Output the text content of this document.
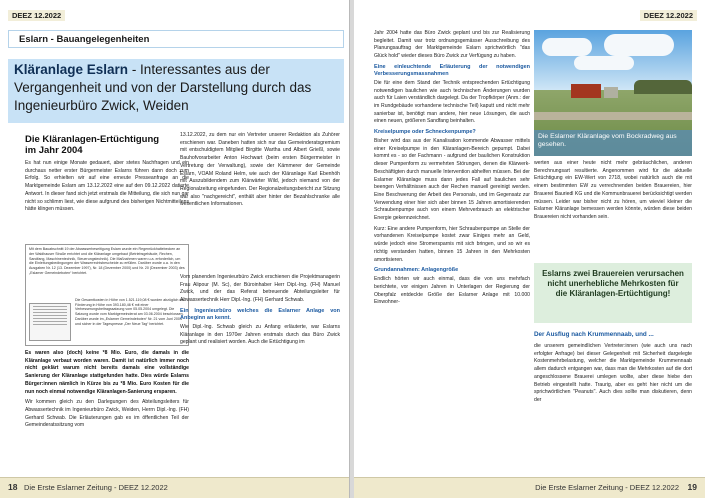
DEEZ 12.2022
Eslarn - Bauangelegenheiten
Kläranlage Eslarn - Interessantes aus der Vergangenheit und von der Darstellung durch das Ingenieurbüro Zwick, Weiden
Die Kläranlagen-Ertüchtigung im Jahr 2004

Es hat nun einige Monate gedauert, aber stetes Nachfragen und ein durchaus netter erster Bürgermeister Eslarns führen dann doch zum Erfolg. So erhielten wir auf eine erneute Presseanfrage an die Marktgemeinde Eslarn am 13.12.2022 eine auf den 09.12.2022 datierte Antwort. In dieser fand sich jetzt erstmals die Mitteilung, die sich nun gar nicht so schlimm liest, wie diese aufgrund des bisherigen Nichtmitteilens hätte klingen müssen.

Mit dem Bauabschnitt 19 der Abwasserbeseitigung Eslarn wurde ein Regenrückhaltebecken an der Waidhauser Straße errichtet und die Kläranlage umgebaut (Betriebsgebäude, Rechen, Sandfang, Maschinentechnik, Steuerungstechnik). Die Maßnahmen waren u.a. erforderlich, um die Einleitungsbedingungen der Wasserrechtsbescheide zu erfüllen. Darüber wurde u.a. in den Ausgaben Nr. 12 (13. Dezember 1997), Nr. 18 (Dezember 2000) und Nr. 20 (Dezember 2003) des „Eslarner Gemeindeboten“ berichtet.
Die Gesamtkosten in Höhe von 1.521.119,08 € wurden abzüglich der Förderung in Höhe von 393.180,46 € mit einer Verbesserungsbeitragssatzung vom 05.05.2004 umgelegt. Die Satzung wurde vom Marktgemeinderat am 03.06.2004 beschlossen. Darüber wurde im „Eslarner Gemeindeboten“ Nr. 21 vom Juni 2004 und sicher in der Tagespresse „Der Neue Tag“ berichtet.

Es waren also (doch) keine *8 Mio. Euro, die damals in die Kläranlage verbaut worden waren. Damit ist natürlich immer noch nicht geklärt warum nicht bereits damals eine vollständige Sanierung der Kläranlage stattgefunden hatte. Dies würde Eslarns Bürger:innen nämlich in Kürze bis zu *8 Mio. Euro Kosten für die nun noch einmal notwendige Kläranlagen-Sanierung ersparen.

Wir kommen gleich zu den Darlegungen des Abteilungsleiters für Abwassertechnik im Ingenieurbüro Zwick, Weiden, Herrn Dipl.-Ing. (FH) Gerhard Schwab. Die Erläuterungen gab es im öffentlichen Teil der Gemeinderatssitzung vom

13.12.2022, zu dem nur ein Vertreter unserer Redaktion als Zuhörer erschienen war. Daneben hatten sich nur das Gemeinderatsgremium mit entschuldigtem Mitglied Birgitte Wartha und Albert Grießl, sowie Bauhofvorarbeiter Anton Hochwart (beim ersten Bürgermeister in Vertretung der Verwaltung), sowie der Kämmerer der Gemeinde Eslarn, VOAM Roland Helm, wie auch der Kläranlage Karl Ebenhöh mit Auszubildendem zum Klärwärter Wild, jedoch niemand von der Regionalzeitung eingefunden. Der Regionalzeitungsbericht zur Sitzung war also "nachgereicht", enthält aber hinter der Bezahlschranke alle wesentlichen Informationen.

Vom planenden Ingenieurbüro Zwick erschienen die Projektmanagerin Frau Alipour (M. Sc), der Büroinhaber Herr Dipl.-Ing. (FH) Manuel Zwick, und der das Referat betreuende Abteilungsleiter für Abwassertechnik Herr Dipl.-Ing. (FH) Gerhard Schwab.

Ein Ingenieurbüro welches die Eslarner Anlage von Anbeginn an kennt.

Wie Dipl.-Ing. Schwab gleich zu Anfang erläuterte, war Eslarns Kläranlage in den 1970er Jahren erstmals durch das Büro Zwick geplant und realisiert worden. Auch die Ertüchtigung im

18 Die Erste Eslarner Zeitung - DEEZ 12.2022
DEEZ 12.2022

Jahr 2004 hatte das Büro Zwick geplant und bis zur Realisierung begleitet. Damit war trotz ordnungsgemässer Ausschreibung des Planungsauftrag der Marktgemeinde Eslarn sprichwörtlich "das Glück hold" wieder dieses Büro Zwick zur Verfügung zu haben.

Eine einleuchtende Erläuterung der notwendigen Verbesserungsmassnahmen

Die für eine dem Stand der Technik entsprechenden Ertüchtigung notwendigen baulichen wie auch technischen Änderungen wurden auch für Laien verständlich dargelegt. Da der Tropfkörper (Anm.: der im Rundgebäude vorhandene technische Teil) kaputt und nicht mehr sanierbar ist, benötigt man andere, hier neue Lösungen, die auch einen neuen, größeren Sandfang beinhalten.

Kreiselpumpe oder Schneckenpumpe?

Bisher wird das aus der Kanalisation kommende Abwasser mittels einer Kreiselpumpe in den Kläranlagen-Bereich gepumpt. Dabei kommt es - so der Fachmann - aufgrund der baulichen Konstruktion dieser Pumpenform zu vermehrten Störungen, denen die Klärwerk-Beschäftigten durch manuelle Intervention abhelfen müssen. Bei der Eslarner Kläranlage muss dann jedes Fall auf baulichen sehr beengen Verhältnissen auch der Rechen manuell gereinigt werden. Eine Beschwerung der Arbeit des Personals, und im Gegensatz zur Verwendung einer hier sich aber binnen 15 Jahren amortisierenden Schraubenpumpe auch von einem Mehrverbrauch an elektrischer Energie gekennzeichnet.

Kurz: Eine andere Pumpenform, hier Schraubenpumpe an Stelle der vorhandenen Kreiselpumpe kostet zwar Einiges mehr an Geld, würde jedoch eine Stromersparnis mit sich bringen, und so wir es richtig verstanden hatten, binnen 15 Jahren in den Mehrkosten amortisieren.

Grundannahmen: Anlagengröße

Endlich hörten wir auch einmal, dass die von uns mehrfach berichtete, vor einigen Jahren in Unterlagen der Regierung der Oberpfalz entdeckte Größe der Eslarner Anlage mit 10.000 Einwohner-

werten aus einer heute nicht mehr gebräuchlichen, anderen Berechnungsart resultierte. Angenommen wird für die aktuelle Ertüchtigung ein EW-Wert von 2718, wobei natürlich auch die mit einem bestimmten EW zu verrechnenden beiden Brauereien, hier Brauerei Bauriedl KG und die Kommunbrauerei berücksichtigt werden müssen. Leider war bisher nicht zu hören, um wieviel kleiner die Eslarner Kläranlage bemessen werden könnte, würden diese beiden Brauereien nicht vorhanden sein.

die unserem gemeindlichen Vertreter:innen (wie auch uns nach erfolgter Anfrage) bei dieser Gelegenheit mit Sicherheit dargelegte Kostenmehrbelastung, welcher die Marktgemeinde Krummennaab allem dadurch entgangen war, dass man die Mehrkosten auf die dort angeschlossene Brauerei umlegen wollte, aber diese hiebe den Betrieb eingestellt hatte. Traurig, aber es geht hier nicht um die sprichwörtlichen "Peanuts". Auch dies sollte man diskutieren, denn der

Die Erste Eslarner Zeitung - DEEZ 12.2022 19
Die Eslarner Kläranlage vom Bockradweg aus gesehen.
Eslarns zwei Brauereien verursachen nicht unerhebliche Mehrkosten für die Kläranlagen-Ertüchtigung!
Der Ausflug nach Krummennaab, und ...
